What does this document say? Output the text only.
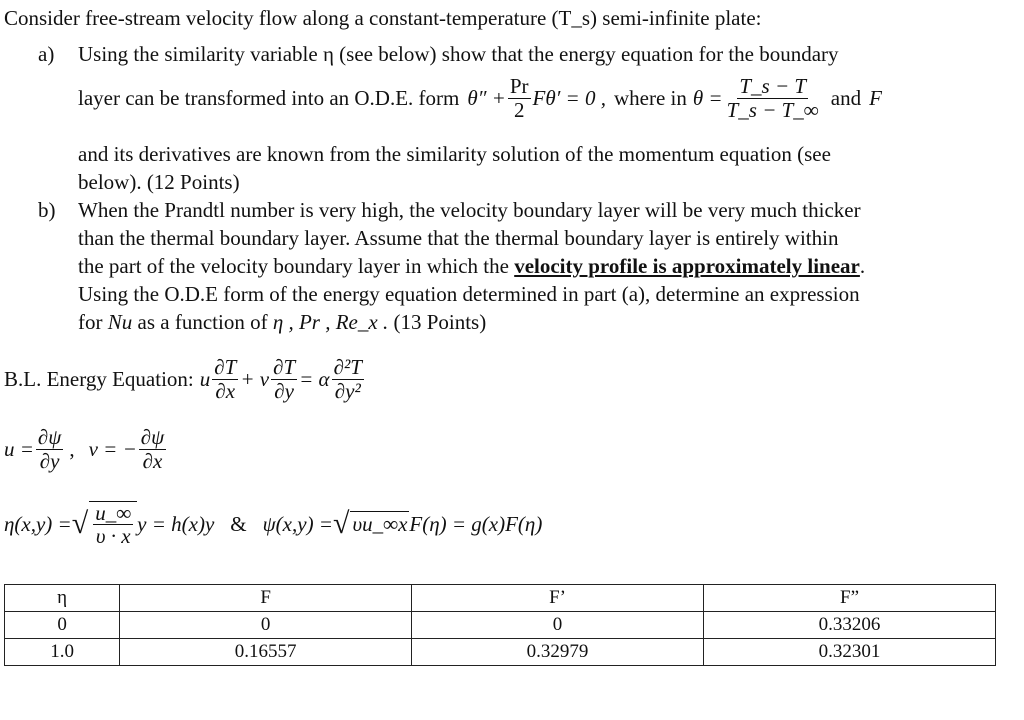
Consider free-stream velocity flow along a constant-temperature (T_s) semi-infinite plate:
a) Using the similarity variable η (see below) show that the energy equation for the boundary
layer can be transformed into an O.D.E. form $\theta'' + \frac{Pr}{2} F\theta' = 0$ , where in $\theta = \frac{T\_s - T}{T\_s - T\_\infty}$ and F
and its derivatives are known from the similarity solution of the momentum equation (see
below). (12 Points)
b) When the Prandtl number is very high, the velocity boundary layer will be very much thicker
than the thermal boundary layer. Assume that the thermal boundary layer is entirely within
the part of the velocity boundary layer in which the velocity profile is approximately linear.
Using the O.D.E form of the energy equation determined in part (a), determine an expression
for Nu as a function of η , Pr , Re_x . (13 Points)
B.L. Energy Equation: u $\frac{\partial T}{\partial x} + v \frac{\partial T}{\partial y} = \alpha \frac{\text{∂²T}}{\text{∂y²}}$
$u = \frac{\partial\psi}{\partial y}$ , v = − $\frac{\partial\psi}{\partial x}$
η(x,y) = √ $\frac{u\_\infty}{\upsilon \cdot x}$ y = h(x)y & ψ(x,y) = √ υu_∞x F(η) = g(x)F(η)
η	F	F’	F”
0	0	0	0.33206
1.0	0.16557	0.32979	0.32301
